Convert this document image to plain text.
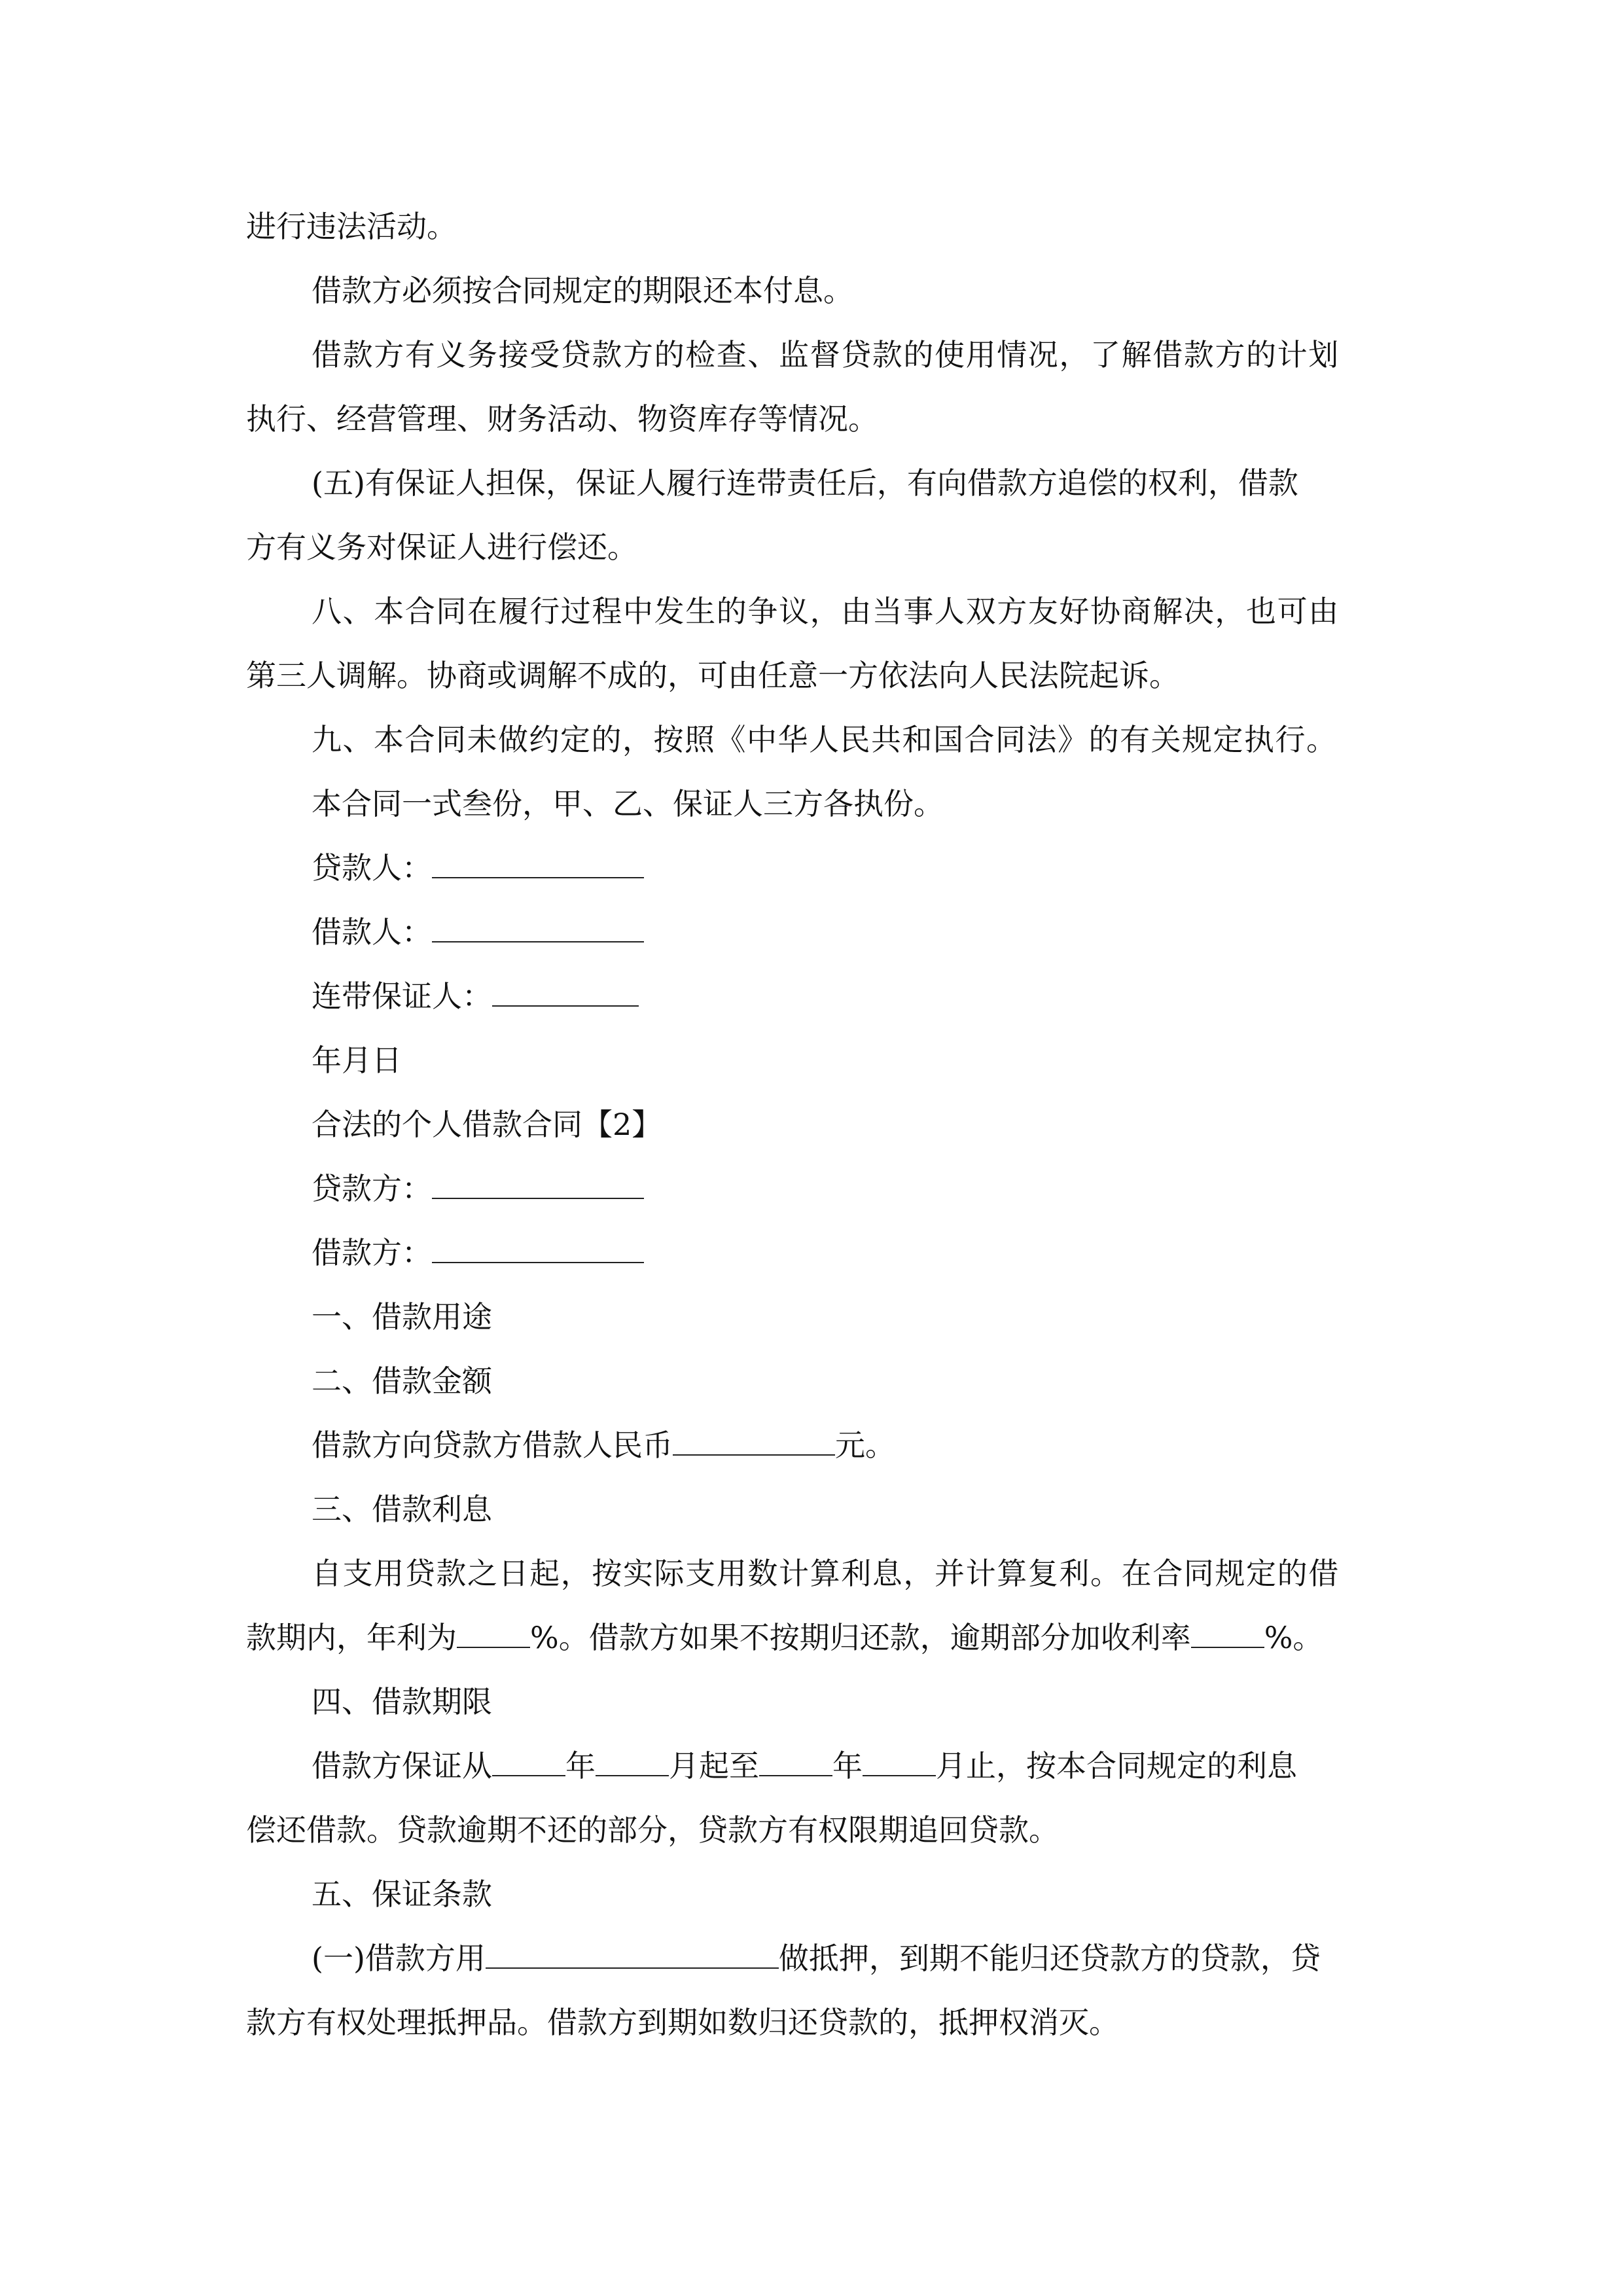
进行违法活动。
借款方必须按合同规定的期限还本付息。
借款方有义务接受贷款方的检查、监督贷款的使用情况，了解借款方的计划
执行、经营管理、财务活动、物资库存等情况。
(五)有保证人担保，保证人履行连带责任后，有向借款方追偿的权利，借款
方有义务对保证人进行偿还。
八、本合同在履行过程中发生的争议，由当事人双方友好协商解决，也可由
第三人调解。协商或调解不成的，可由任意一方依法向人民法院起诉。
九、本合同未做约定的，按照《中华人民共和国合同法》的有关规定执行。
本合同一式叁份，甲、乙、保证人三方各执份。
贷款人：
借款人：
连带保证人：
年月日
合法的个人借款合同【2】
贷款方：
借款方：
一、借款用途
二、借款金额
借款方向贷款方借款人民币	元。
三、借款利息
自支用贷款之日起，按实际支用数计算利息，并计算复利。在合同规定的借
款期内，年利为 %。借款方如果不按期归还款，逾期部分加收利率 %。
四、借款期限
借款方保证从 年 月起至 年 月止，按本合同规定的利息
偿还借款。贷款逾期不还的部分，贷款方有权限期追回贷款。
五、保证条款
(一)借款方用	做抵押，到期不能归还贷款方的贷款，贷
款方有权处理抵押品。借款方到期如数归还贷款的，抵押权消灭。
